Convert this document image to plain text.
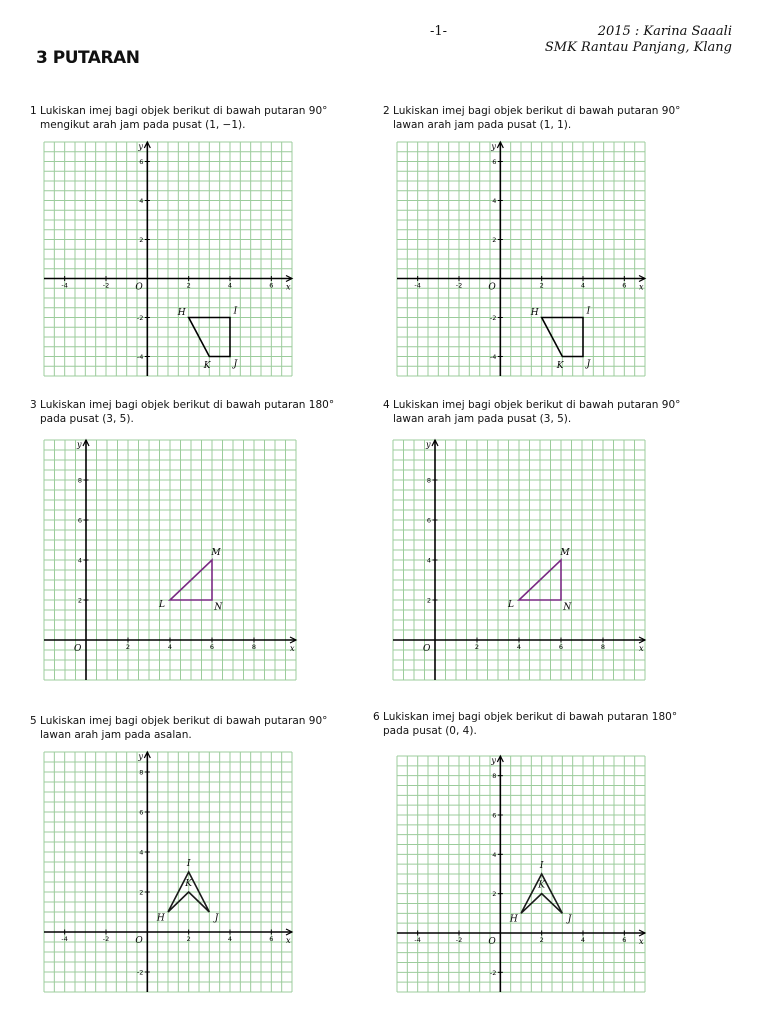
-1-	2015 : Karina Saaali
SMK Rantau Panjang, Klang
3 PUTARAN
1 Lukiskan imej bagi objek berikut di bawah putaran 90°
mengikut arah jam pada pusat (1, −1).
2 Lukiskan imej bagi objek berikut di bawah putaran 90°
lawan arah jam pada pusat (1, 1).
3 Lukiskan imej bagi objek berikut di bawah putaran 180°
pada pusat (3, 5).
4 Lukiskan imej bagi objek berikut di bawah putaran 90°
lawan arah jam pada pusat (3, 5).
5 Lukiskan imej bagi objek berikut di bawah putaran 90°
lawan arah jam pada asalan.
6 Lukiskan imej bagi objek berikut di bawah putaran 180°
pada pusat (0, 4).
x
y
O
-4	-2	2	4	6
-4
-2
2
4
6
H	I
J
K
x
y
O
-4	-2	2	4	6
-4
-2
2
4
6
H	I
J
K
x
y
O	2	4	6	8
2
4
6
8
L
M
N
x
y
O	2	4	6	8
2
4
6
8
L
M
N
x
y
O
-4	-2	2	4	6
-2
2
4
6
8
H
I
J
K
x
y
O
-4	-2	2	4	6
-2
2
4
6
8
H
I
J
K
